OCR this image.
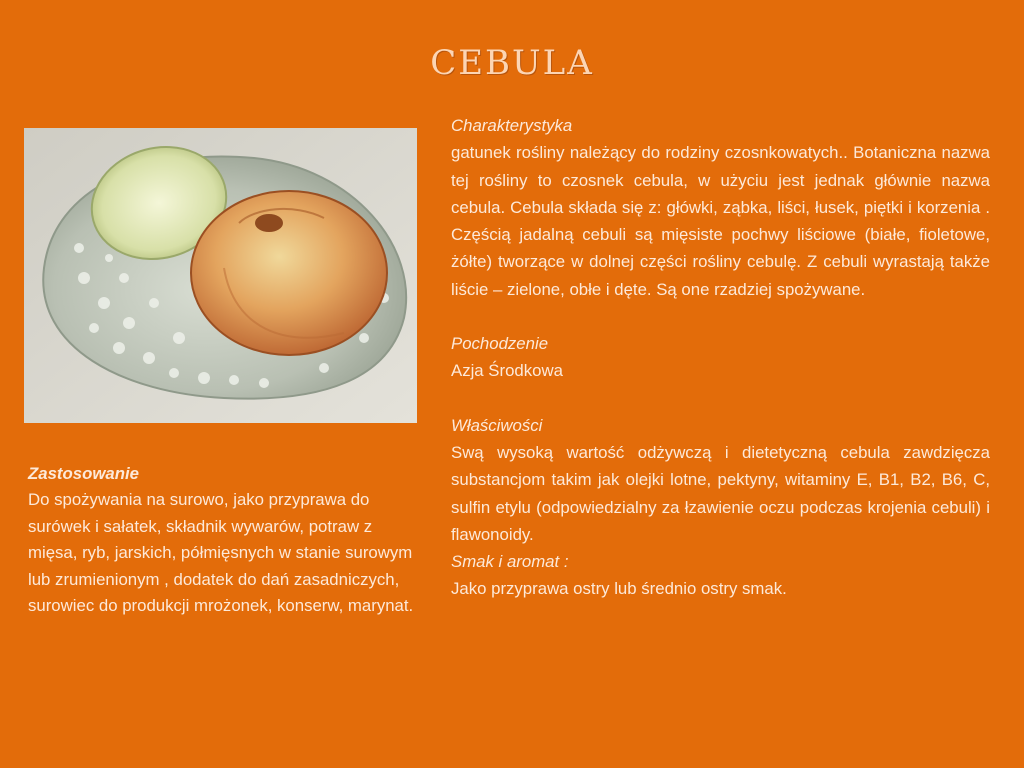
cebula
Zastosowanie
Do spożywania na surowo, jako przyprawa do surówek i sałatek, składnik wywarów, potraw z mięsa, ryb, jarskich, półmięsnych w stanie surowym lub zrumienionym , dodatek do dań zasadniczych, surowiec do produkcji mrożonek, konserw, marynat.
Charakterystyka
gatunek rośliny należący do rodziny czosnkowatych.. Botaniczna nazwa tej rośliny to czosnek cebula, w użyciu jest jednak głównie nazwa cebula. Cebula składa się z: główki, ząbka, liści, łusek, piętki i korzenia . Częścią jadalną cebuli są mięsiste pochwy liściowe (białe, fioletowe, żółte) tworzące w dolnej części rośliny cebulę. Z cebuli wyrastają także liście – zielone, obłe i dęte. Są one rzadziej spożywane.
Pochodzenie
Azja Środkowa
Właściwości
Swą wysoką wartość odżywczą i dietetyczną cebula zawdzięcza substancjom takim jak olejki lotne, pektyny, witaminy E, B1, B2, B6, C, sulfin etylu (odpowiedzialny za łzawienie oczu podczas krojenia cebuli) i flawonoidy.
Smak i aromat :
Jako przyprawa ostry lub średnio ostry smak.
